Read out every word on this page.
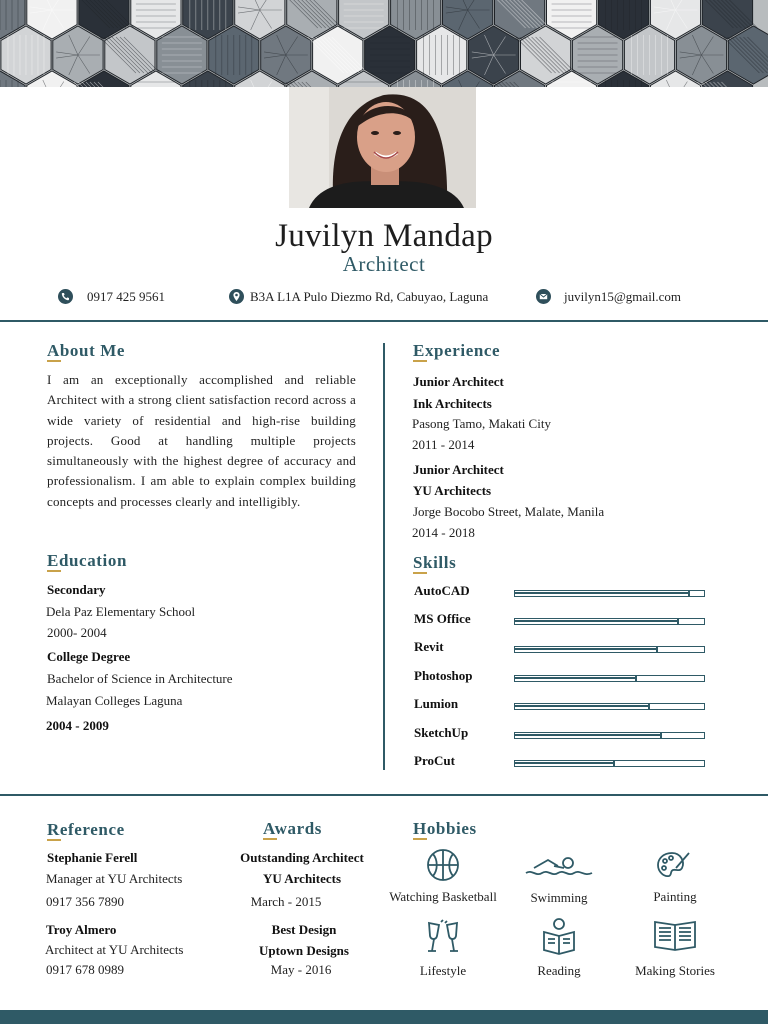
Juvilyn Mandap
Architect
0917 425 9561	B3A L1A Pulo Diezmo Rd, Cabuyao, Laguna	juvilyn15@gmail.com
About Me
I am an exceptionally accomplished and reliable Architect with a strong client satisfaction record across a wide variety of residential and high-rise building projects. Good at handling multiple projects simultaneously with the highest degree of accuracy and professionalism. I am able to explain complex building concepts and processes clearly and intelligibly.
Education
Secondary
Dela Paz Elementary School
2000- 2004
College Degree
Bachelor of Science in Architecture
Malayan Colleges Laguna
2004 - 2009
Experience
Junior Architect
Ink Architects
Pasong Tamo, Makati City
2011 - 2014
Junior Architect
YU Architects
Jorge Bocobo Street, Malate, Manila
2014 - 2018
Skills
AutoCAD
MS Office
Revit
Photoshop
Lumion
SketchUp
ProCut
Reference
Stephanie Ferell
Manager at YU Architects
0917 356 7890
Troy Almero
Architect at YU Architects
0917 678 0989
Awards
Outstanding Architect
YU Architects
March - 2015
Best Design
Uptown Designs
May - 2016
Hobbies
Watching Basketball	Swimming	Painting
Lifestyle	Reading	Making Stories
